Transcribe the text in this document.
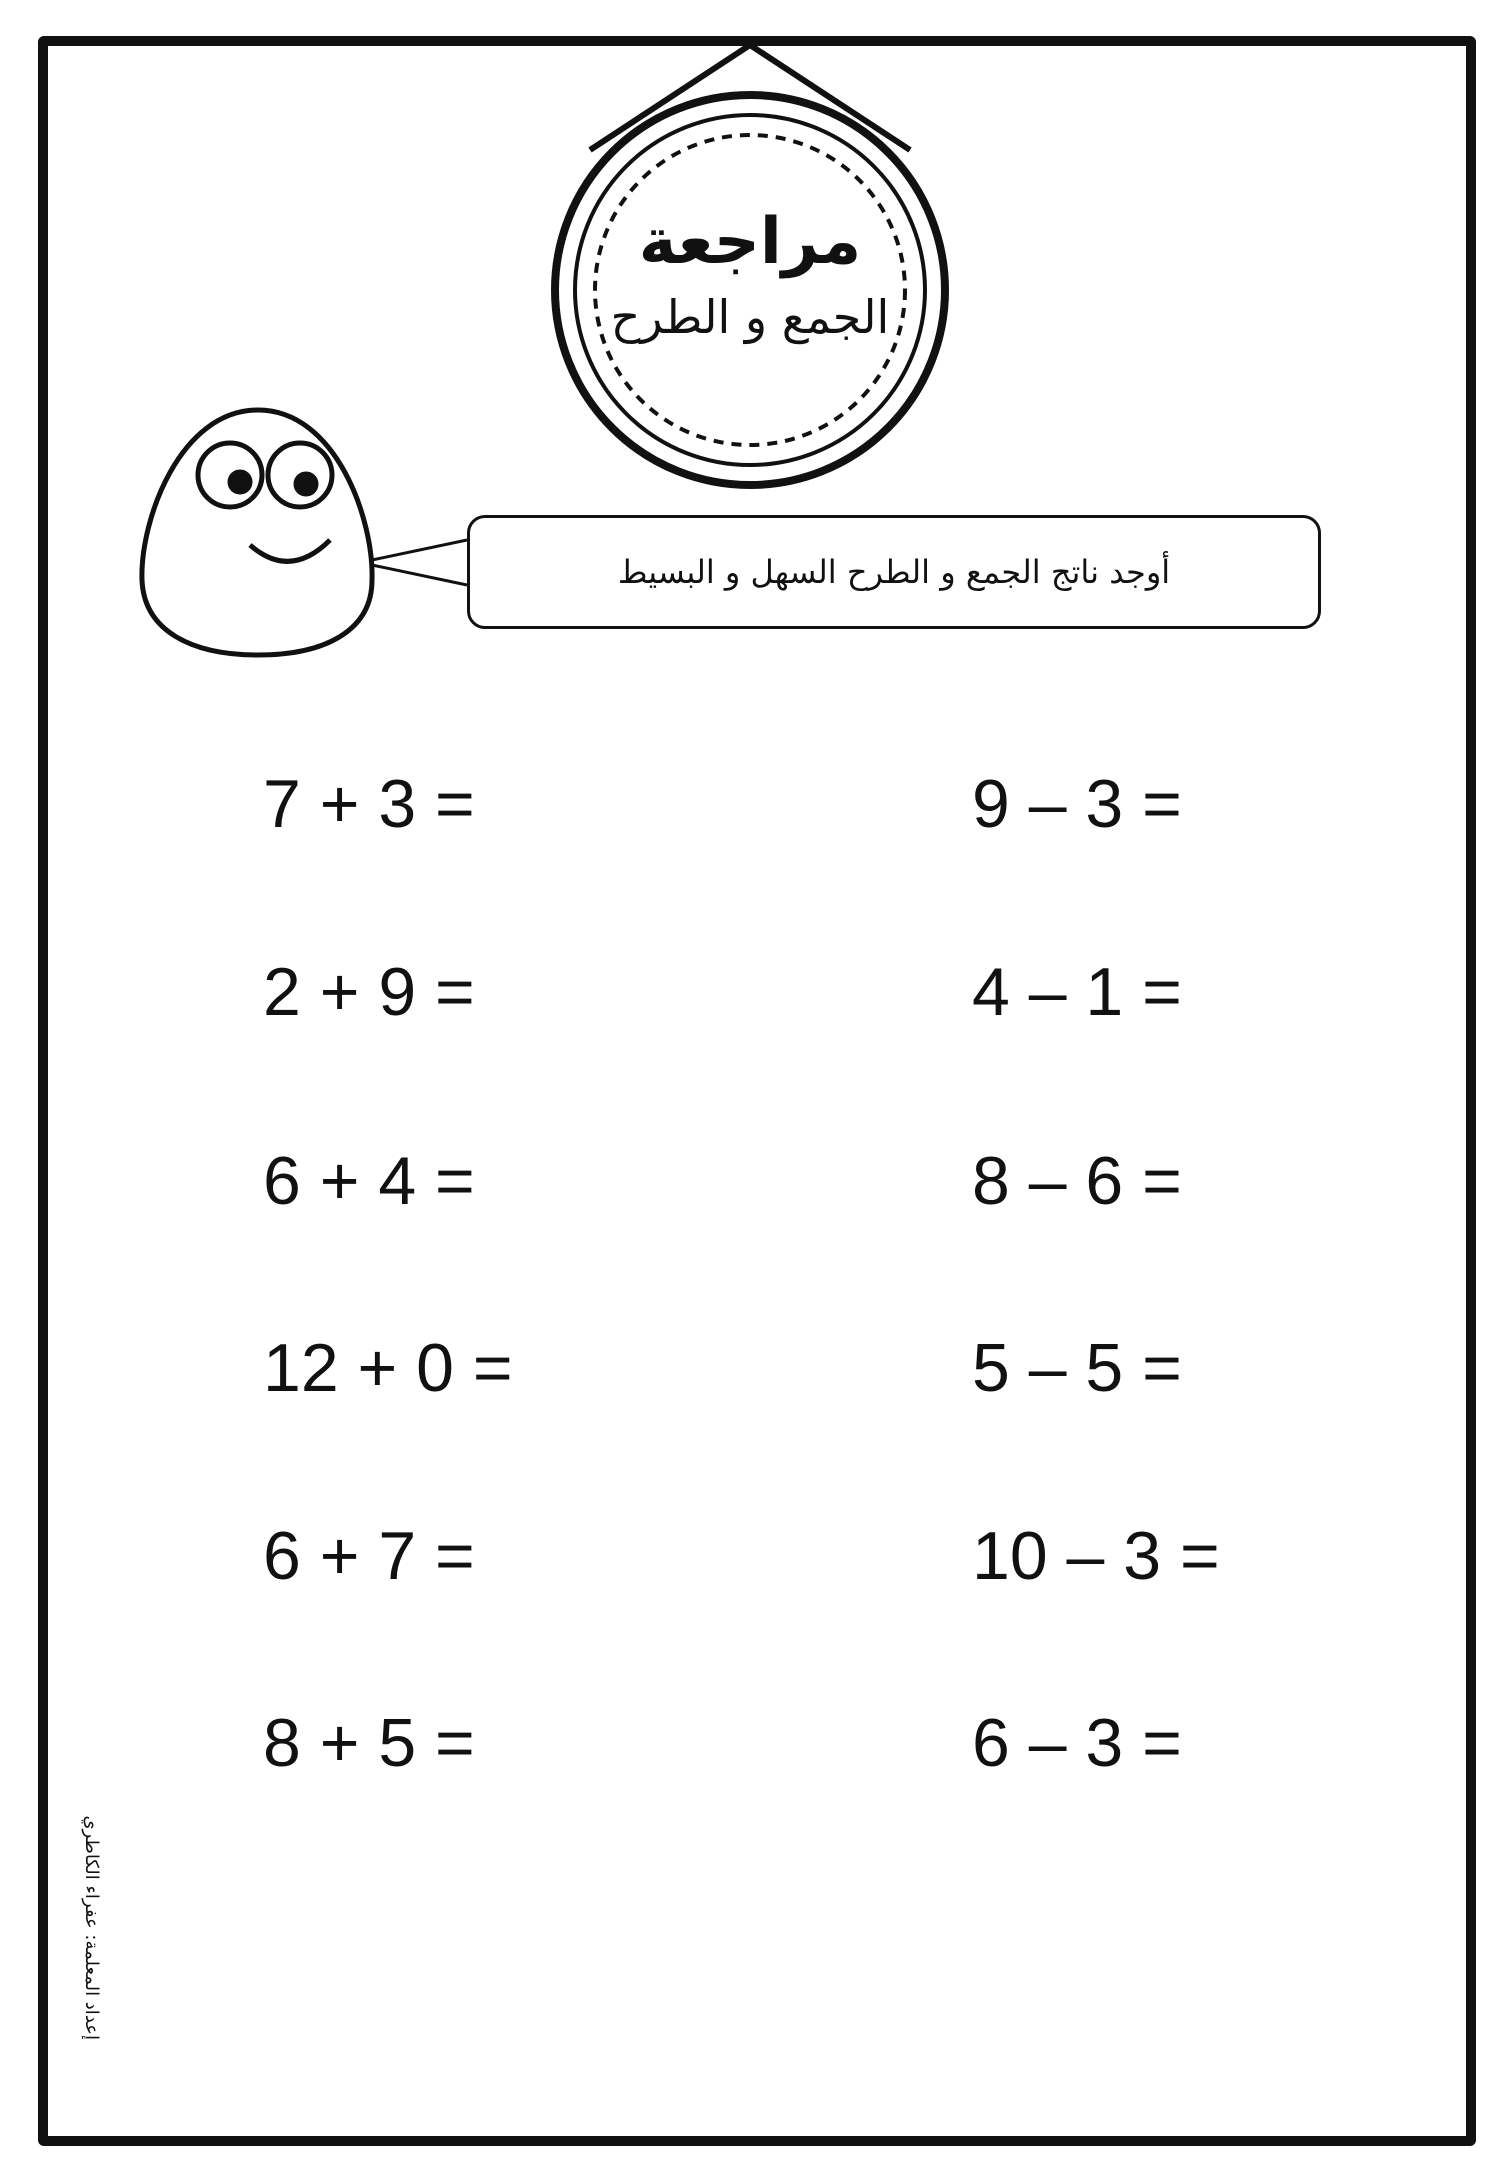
مراجعة
الجمع و الطرح
أوجد ناتج الجمع و الطرح السهل و البسيط
7 + 3 =
2 + 9 =
6 + 4 =
12 + 0 =
6 + 7 =
8 + 5 =
9 – 3 =
4 – 1 =
8 – 6 =
5 – 5 =
10 – 3 =
6 – 3 =
إعداد المعلمة: عفراء الكاطري
